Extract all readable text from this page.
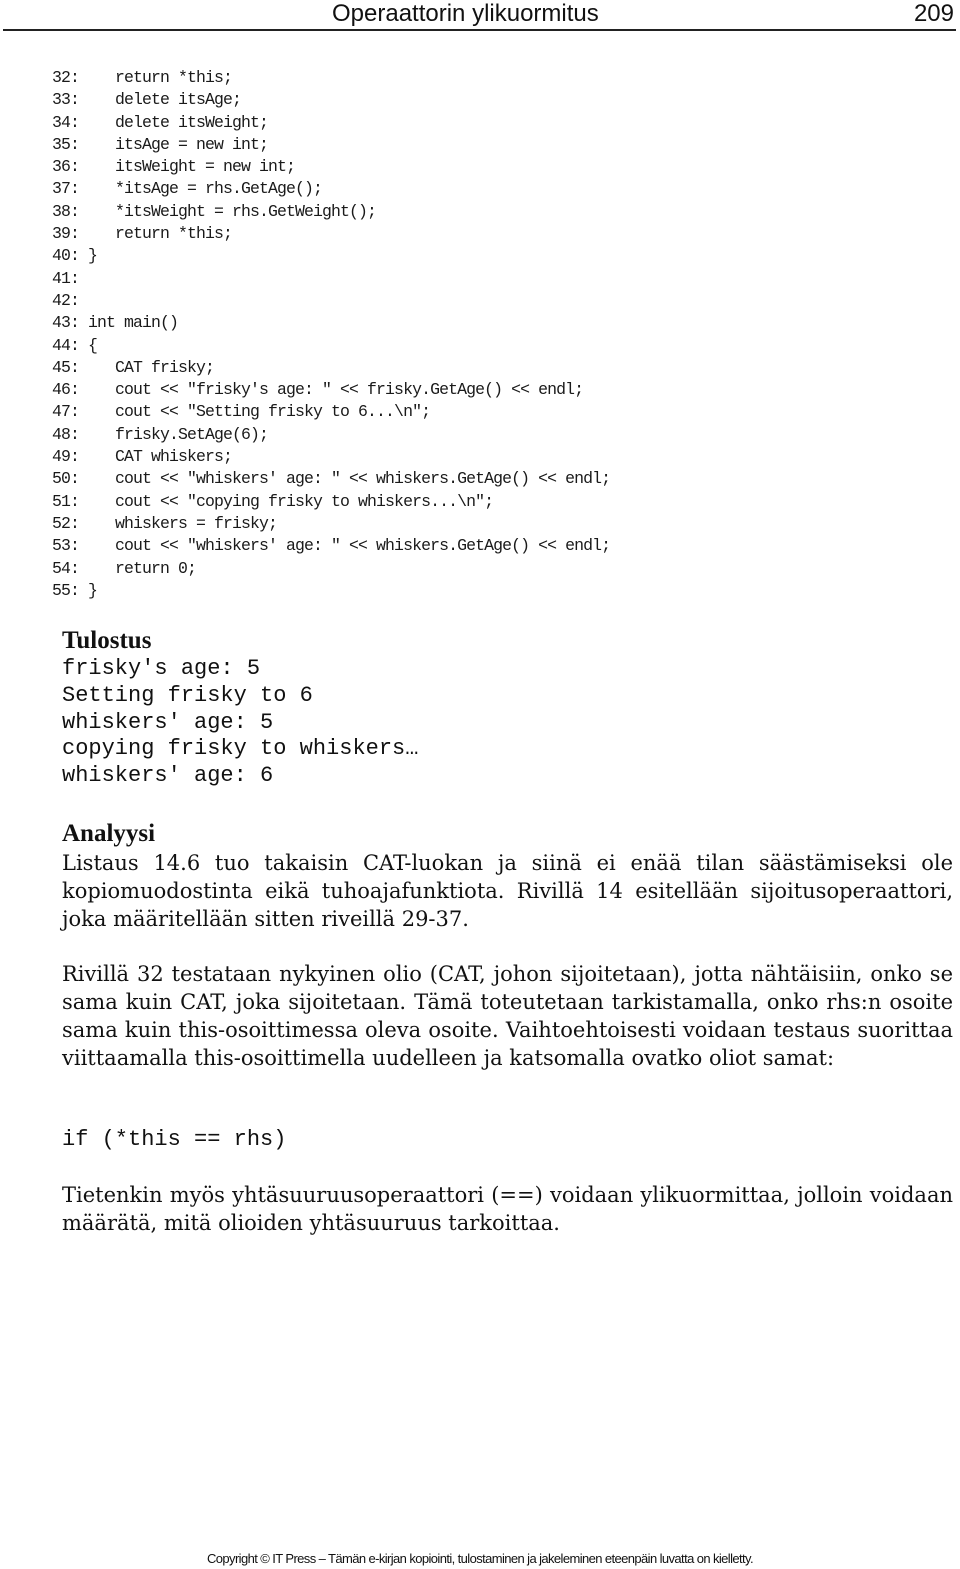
Operaattorin ylikuormitus	209
32:    return *this;
33:    delete itsAge;
34:    delete itsWeight;
35:    itsAge = new int;
36:    itsWeight = new int;
37:    *itsAge = rhs.GetAge();
38:    *itsWeight = rhs.GetWeight();
39:    return *this;
40: }
41:
42:
43: int main()
44: {
45:    CAT frisky;
46:    cout << "frisky's age: " << frisky.GetAge() << endl;
47:    cout << "Setting frisky to 6...\n";
48:    frisky.SetAge(6);
49:    CAT whiskers;
50:    cout << "whiskers' age: " << whiskers.GetAge() << endl;
51:    cout << "copying frisky to whiskers...\n";
52:    whiskers = frisky;
53:    cout << "whiskers' age: " << whiskers.GetAge() << endl;
54:    return 0;
55: }
Tulostus
frisky's age: 5
Setting frisky to 6
whiskers' age: 5
copying frisky to whiskers…
whiskers' age: 6
Analyysi

Listaus 14.6 tuo takaisin CAT-luokan ja siinä ei enää tilan säästämiseksi ole kopiomuodostinta eikä tuhoajafunktiota. Rivillä 14 esitellään sijoitusoperaattori, joka määritellään sitten riveillä 29-37.

Rivillä 32 testataan nykyinen olio (CAT, johon sijoitetaan), jotta nähtäisiin, onko se sama kuin CAT, joka sijoitetaan. Tämä toteutetaan tarkistamalla, onko rhs:n osoite sama kuin this-osoittimessa oleva osoite. Vaihtoehtoisesti voidaan testaus suorittaa viittaamalla this-osoittimella uudelleen ja katsomalla ovatko oliot samat:

if (*this == rhs)

Tietenkin myös yhtäsuuruusoperaattori (==) voidaan ylikuormittaa, jolloin voidaan määrätä, mitä olioiden yhtäsuuruus tarkoittaa.

Copyright © IT Press – Tämän e-kirjan kopiointi, tulostaminen ja jakeleminen eteenpäin luvatta on kielletty.
